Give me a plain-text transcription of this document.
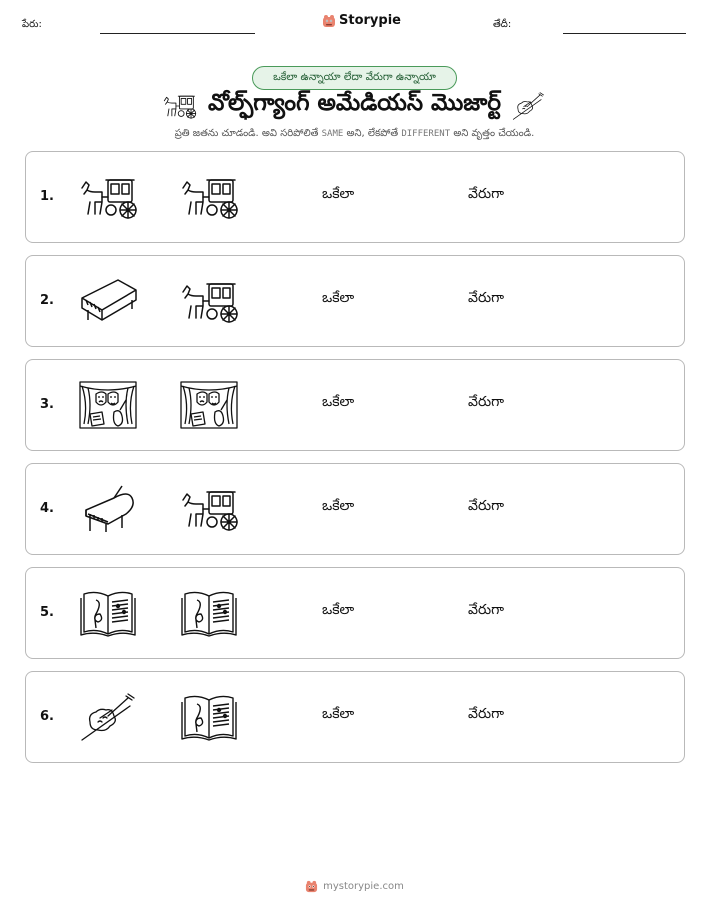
పేరు:	Storypie	తేదీ:
ఒకేలా ఉన్నాయా లేదా వేరుగా ఉన్నాయా
వోల్ఫ్‌గ్యాంగ్ అమేడియస్ మొజార్ట్
ప్రతి జతను చూడండి. అవి సరిపోలితే SAME అని, లేకపోతే DIFFERENT అని వృత్తం చేయండి.
1.	ఒకేలా	వేరుగా
2.	ఒకేలా	వేరుగా
3.	ఒకేలా	వేరుగా
4.	ఒకేలా	వేరుగా
5.	ఒకేలా	వేరుగా
6.	ఒకేలా	వేరుగా
mystorypie.com
